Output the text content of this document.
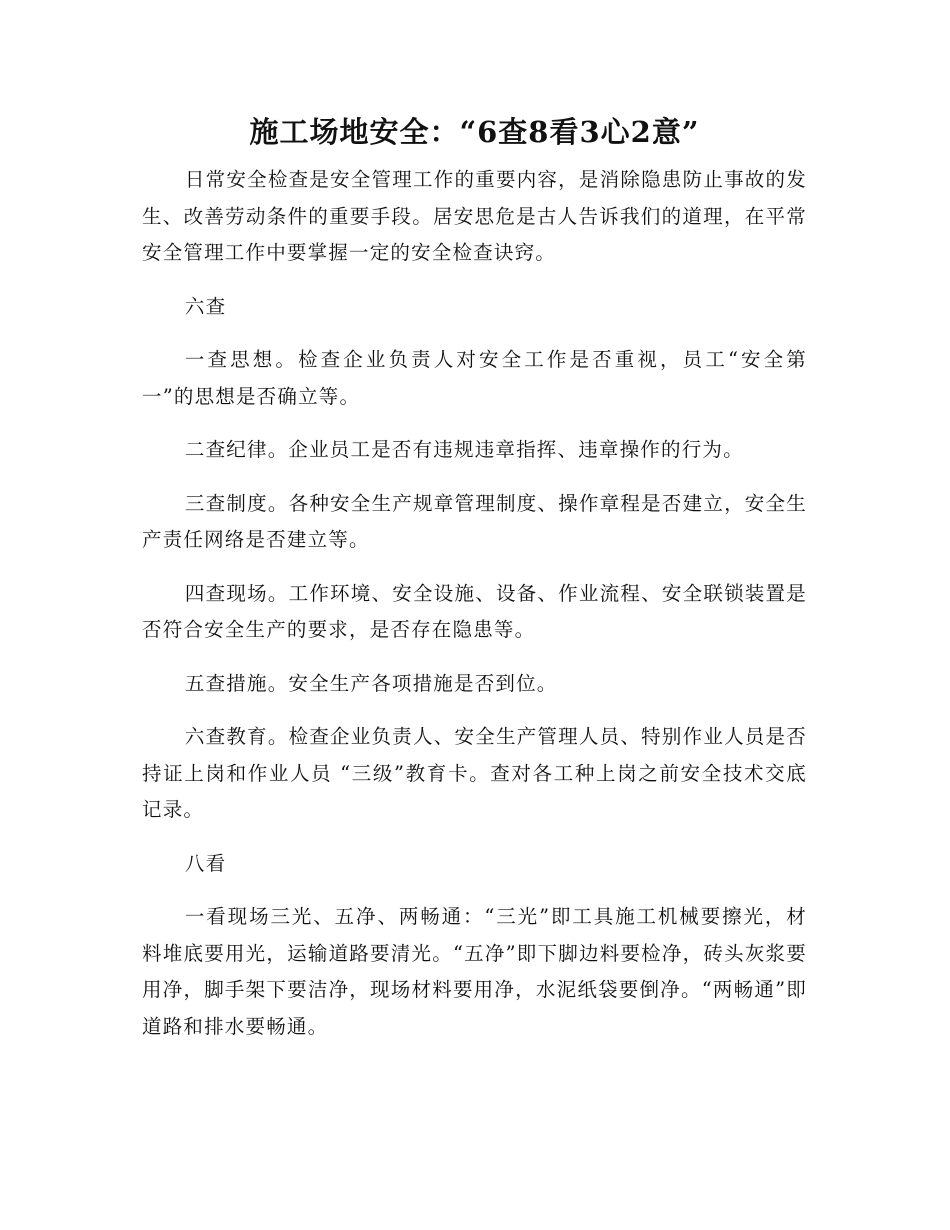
施工场地安全：“6查8看3心2意”

日常安全检查是安全管理工作的重要内容，是消除隐患防止事故的发生、改善劳动条件的重要手段。居安思危是古人告诉我们的道理，在平常安全管理工作中要掌握一定的安全检查诀窍。

六查

一查思想。检查企业负责人对安全工作是否重视，员工“安全第一”的思想是否确立等。

二查纪律。企业员工是否有违规违章指挥、违章操作的行为。

三查制度。各种安全生产规章管理制度、操作章程是否建立，安全生产责任网络是否建立等。

四查现场。工作环境、安全设施、设备、作业流程、安全联锁装置是否符合安全生产的要求，是否存在隐患等。

五查措施。安全生产各项措施是否到位。

六查教育。检查企业负责人、安全生产管理人员、特别作业人员是否持证上岗和作业人员 “三级”教育卡。查对各工种上岗之前安全技术交底记录。

八看

一看现场三光、五净、两畅通：“三光”即工具施工机械要擦光，材料堆底要用光，运输道路要清光。“五净”即下脚边料要检净，砖头灰浆要用净，脚手架下要洁净，现场材料要用净，水泥纸袋要倒净。“两畅通”即道路和排水要畅通。
